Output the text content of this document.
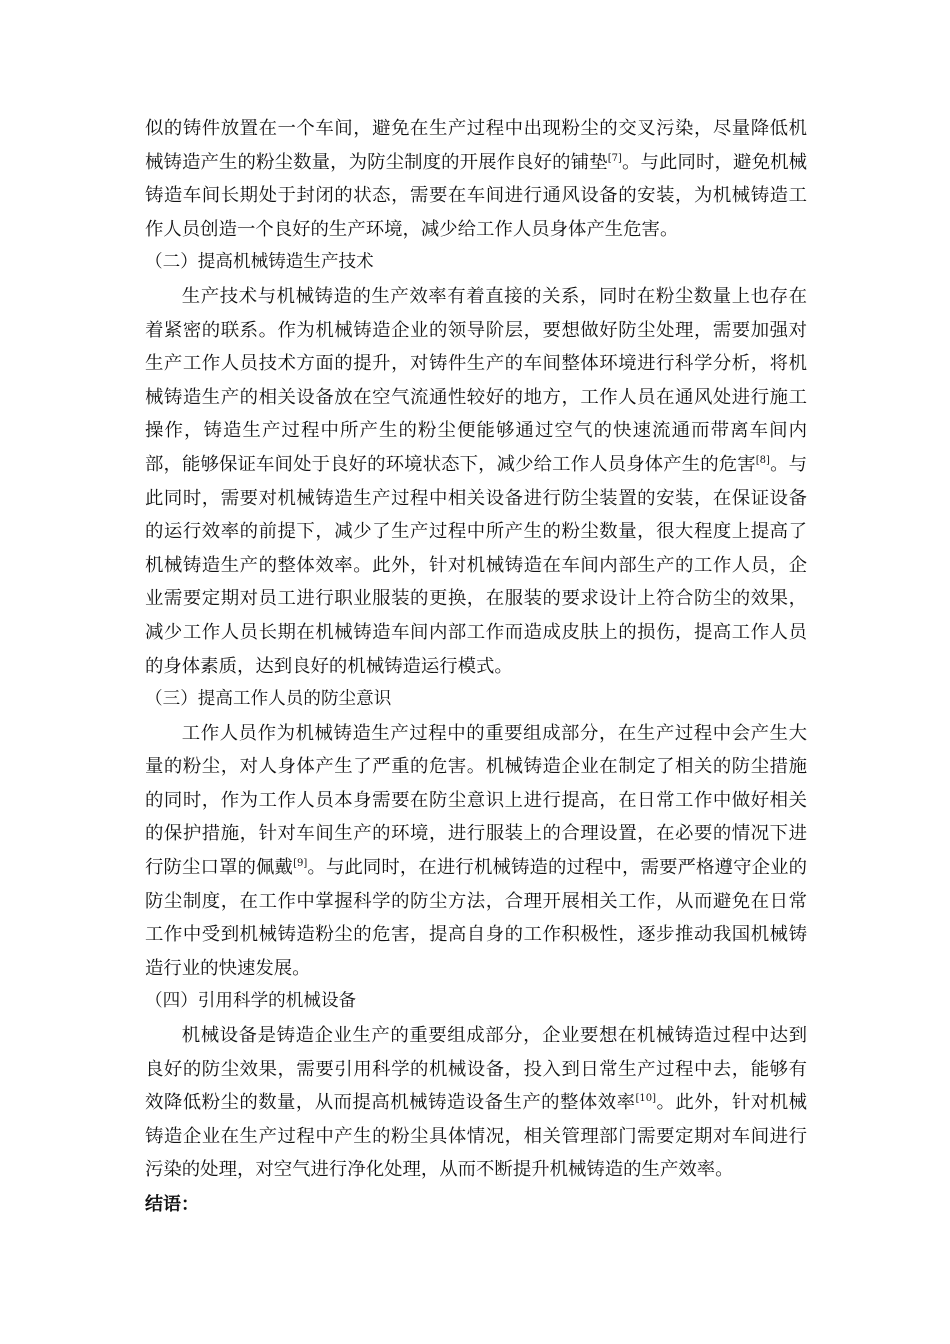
似的铸件放置在一个车间，避免在生产过程中出现粉尘的交叉污染，尽量降低机械铸造产生的粉尘数量，为防尘制度的开展作良好的铺垫[7]。与此同时，避免机械铸造车间长期处于封闭的状态，需要在车间进行通风设备的安装，为机械铸造工作人员创造一个良好的生产环境，减少给工作人员身体产生危害。

（二）提高机械铸造生产技术

生产技术与机械铸造的生产效率有着直接的关系，同时在粉尘数量上也存在着紧密的联系。作为机械铸造企业的领导阶层，要想做好防尘处理，需要加强对生产工作人员技术方面的提升，对铸件生产的车间整体环境进行科学分析，将机械铸造生产的相关设备放在空气流通性较好的地方，工作人员在通风处进行施工操作，铸造生产过程中所产生的粉尘便能够通过空气的快速流通而带离车间内部，能够保证车间处于良好的环境状态下，减少给工作人员身体产生的危害[8]。与此同时，需要对机械铸造生产过程中相关设备进行防尘装置的安装，在保证设备的运行效率的前提下，减少了生产过程中所产生的粉尘数量，很大程度上提高了机械铸造生产的整体效率。此外，针对机械铸造在车间内部生产的工作人员，企业需要定期对员工进行职业服装的更换，在服装的要求设计上符合防尘的效果，减少工作人员长期在机械铸造车间内部工作而造成皮肤上的损伤，提高工作人员的身体素质，达到良好的机械铸造运行模式。

（三）提高工作人员的防尘意识

工作人员作为机械铸造生产过程中的重要组成部分，在生产过程中会产生大量的粉尘，对人身体产生了严重的危害。机械铸造企业在制定了相关的防尘措施的同时，作为工作人员本身需要在防尘意识上进行提高，在日常工作中做好相关的保护措施，针对车间生产的环境，进行服装上的合理设置，在必要的情况下进行防尘口罩的佩戴[9]。与此同时，在进行机械铸造的过程中，需要严格遵守企业的防尘制度，在工作中掌握科学的防尘方法，合理开展相关工作，从而避免在日常工作中受到机械铸造粉尘的危害，提高自身的工作积极性，逐步推动我国机械铸造行业的快速发展。

（四）引用科学的机械设备

机械设备是铸造企业生产的重要组成部分，企业要想在机械铸造过程中达到良好的防尘效果，需要引用科学的机械设备，投入到日常生产过程中去，能够有效降低粉尘的数量，从而提高机械铸造设备生产的整体效率[10]。此外，针对机械铸造企业在生产过程中产生的粉尘具体情况，相关管理部门需要定期对车间进行污染的处理，对空气进行净化处理，从而不断提升机械铸造的生产效率。

结语：
